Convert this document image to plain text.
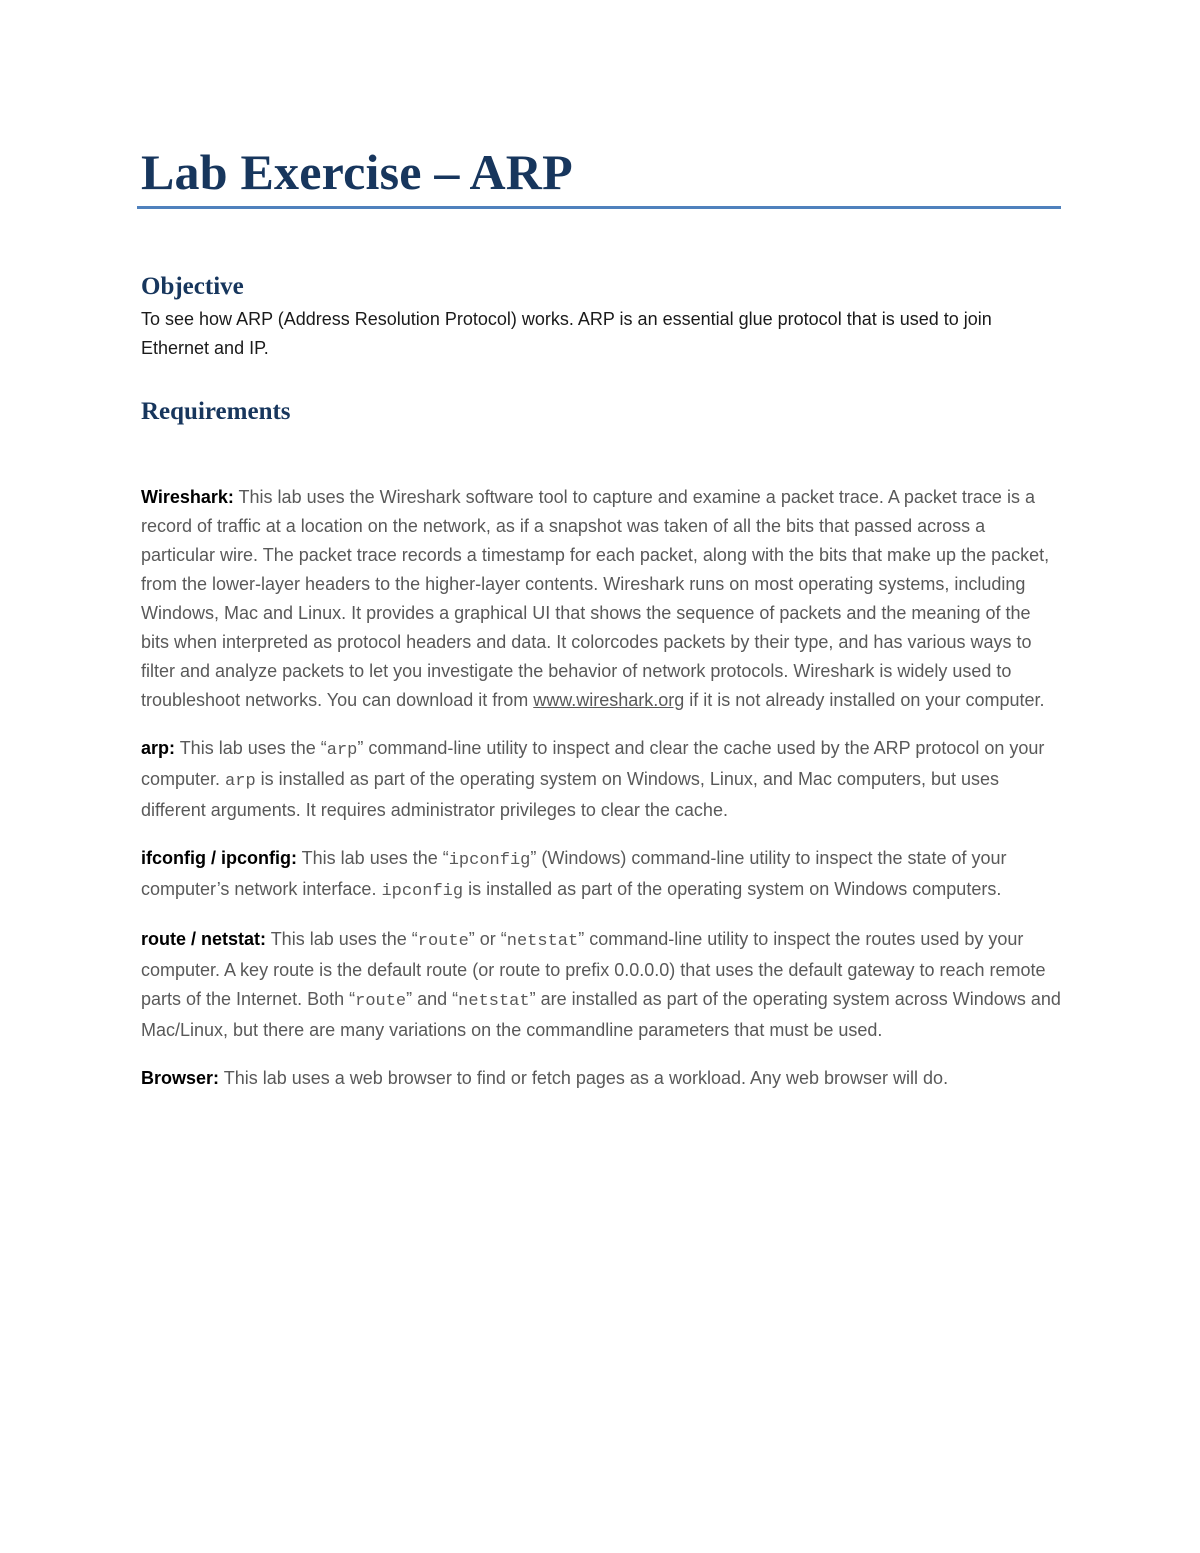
Lab Exercise – ARP
Objective

To see how ARP (Address Resolution Protocol) works. ARP is an essential glue protocol that is used to join Ethernet and IP.

Requirements

Wireshark: This lab uses the Wireshark software tool to capture and examine a packet trace. A packet trace is a record of traffic at a location on the network, as if a snapshot was taken of all the bits that passed across a particular wire. The packet trace records a timestamp for each packet, along with the bits that make up the packet, from the lower-layer headers to the higher-layer contents. Wireshark runs on most operating systems, including Windows, Mac and Linux. It provides a graphical UI that shows the sequence of packets and the meaning of the bits when interpreted as protocol headers and data. It colorcodes packets by their type, and has various ways to filter and analyze packets to let you investigate the behavior of network protocols. Wireshark is widely used to troubleshoot networks. You can download it from www.wireshark.org if it is not already installed on your computer.

arp: This lab uses the “arp” command-line utility to inspect and clear the cache used by the ARP protocol on your computer. arp is installed as part of the operating system on Windows, Linux, and Mac computers, but uses different arguments. It requires administrator privileges to clear the cache.

ifconfig / ipconfig: This lab uses the “ipconfig” (Windows) command-line utility to inspect the state of your computer’s network interface. ipconfig is installed as part of the operating system on Windows computers.

route / netstat: This lab uses the “route” or “netstat” command-line utility to inspect the routes used by your computer. A key route is the default route (or route to prefix 0.0.0.0) that uses the default gateway to reach remote parts of the Internet. Both “route” and “netstat” are installed as part of the operating system across Windows and Mac/Linux, but there are many variations on the commandline parameters that must be used.

Browser: This lab uses a web browser to find or fetch pages as a workload. Any web browser will do.
